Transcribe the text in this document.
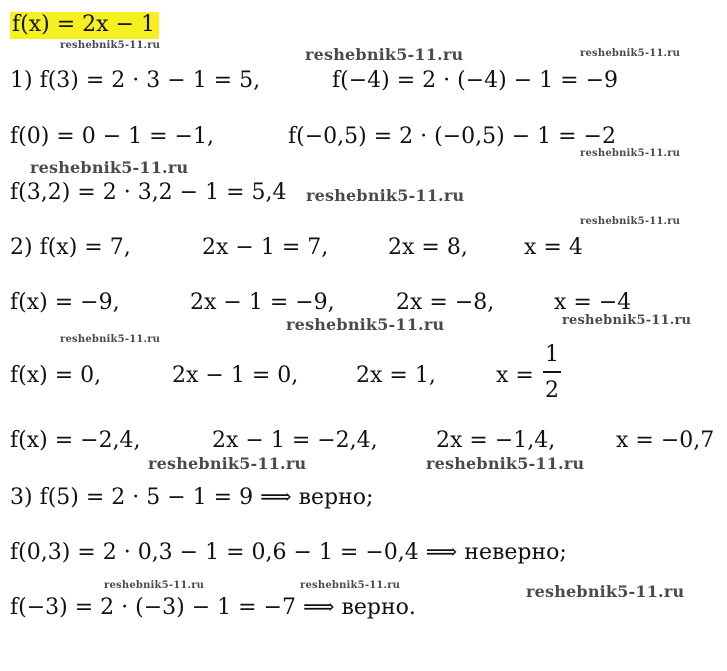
f(x) = 2x − 1
1) f(3) = 2 · 3 − 1 = 5,	f(−4) = 2 · (−4) − 1 = −9
f(0) = 0 − 1 = −1,	f(−0,5) = 2 · (−0,5) − 1 = −2
f(3,2) = 2 · 3,2 − 1 = 5,4
2) f(x) = 7,	2x − 1 = 7,	2x = 8,	x = 4
f(x) = −9,	2x − 1 = −9,	2x = −8,	x = −4
f(x) = 0,	2x − 1 = 0,	2x = 1,	x =
1
2
f(x) = −2,4,	2x − 1 = −2,4,	2x = −1,4,	x = −0,7
3) f(5) = 2 · 5 − 1 = 9 ⟹ верно;
f(0,3) = 2 · 0,3 − 1 = 0,6 − 1 = −0,4 ⟹ неверно;
f(−3) = 2 · (−3) − 1 = −7 ⟹ верно.
reshebnik5-11.ru	reshebnik5-11.ru	reshebnik5-11.ru
reshebnik5-11.ru
reshebnik5-11.ru
reshebnik5-11.ru
reshebnik5-11.ru
reshebnik5-11.ru	reshebnik5-11.ru
reshebnik5-11.ru
reshebnik5-11.ru	reshebnik5-11.ru
reshebnik5-11.ru	reshebnik5-11.ru	reshebnik5-11.ru
